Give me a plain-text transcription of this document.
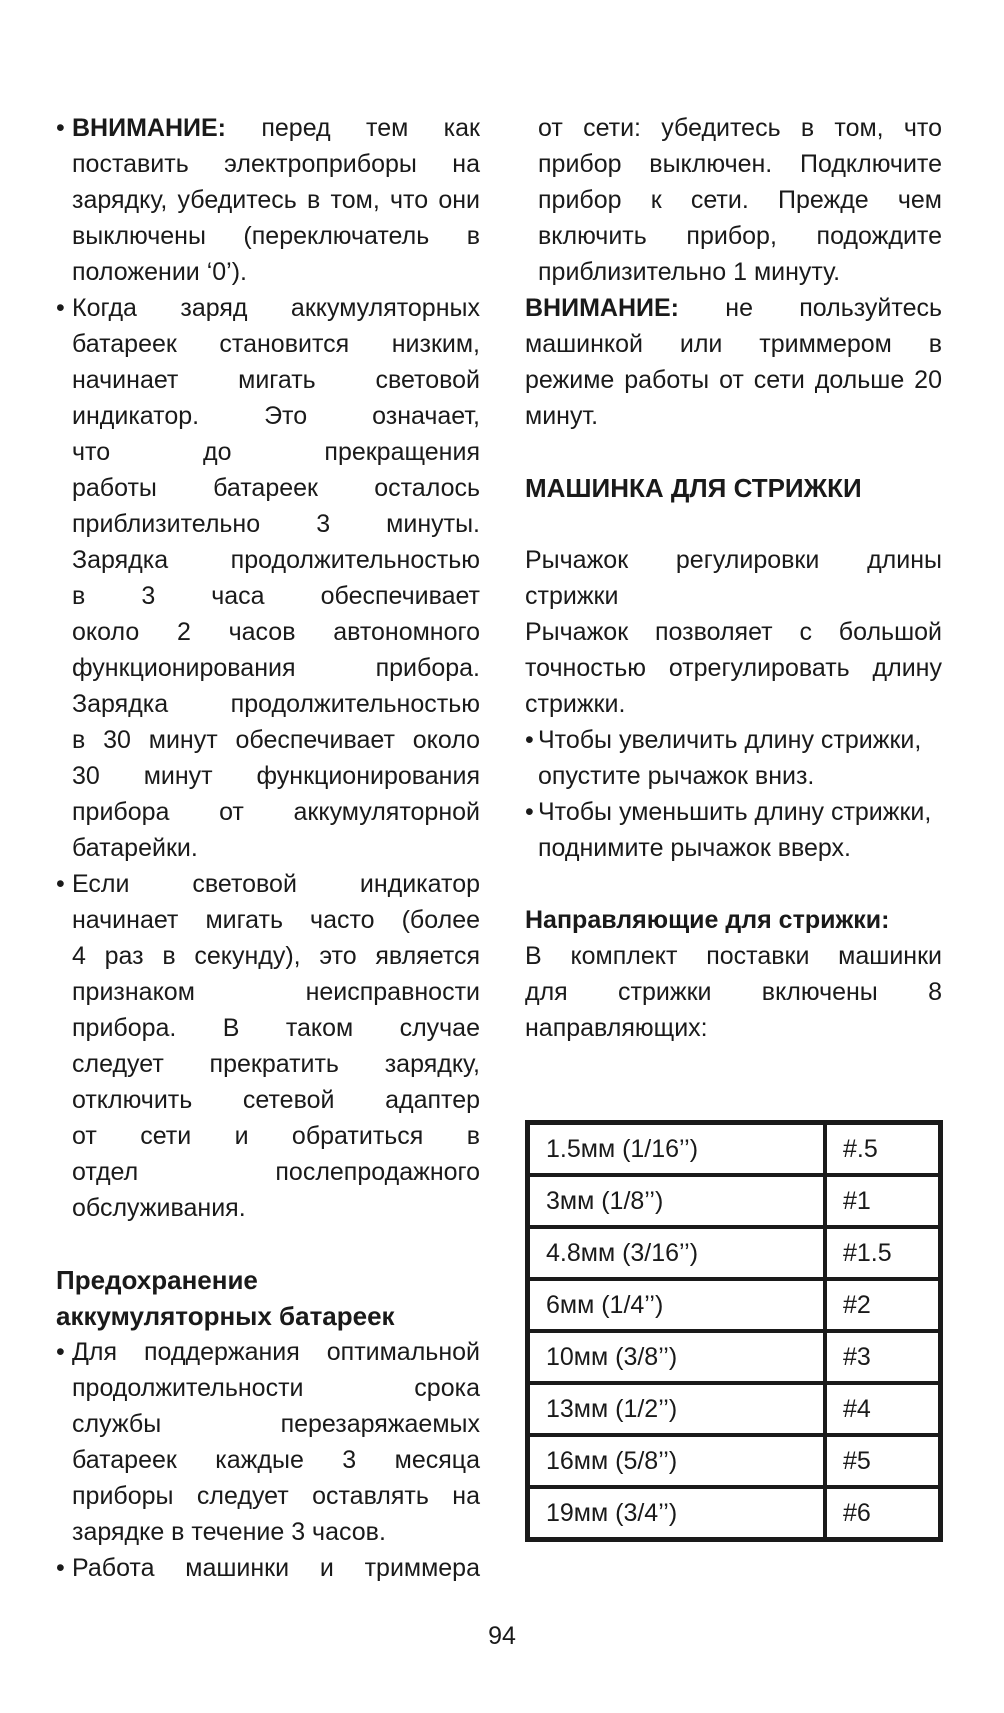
• ВНИМАНИЕ: перед тем как
поставить электроприборы на
зарядку, убедитесь в том, что они
выключены (переключатель в
положении ‘0’).
• Когда заряд аккумуляторных
батареек становится низким,
начинает мигать световой
индикатор. Это означает,
что до прекращения
работы батареек осталось
приблизительно 3 минуты.
Зарядка продолжительностью
в 3 часа обеспечивает
около 2 часов автономного
функционирования прибора.
Зарядка продолжительностью
в 30 минут обеспечивает около
30 минут функционирования
прибора от аккумуляторной
батарейки.
• Если световой индикатор
начинает мигать часто (более
4 раз в секунду), это является
признаком неисправности
прибора. В таком случае
следует прекратить зарядку,
отключить сетевой адаптер
от сети и обратиться в
отдел послепродажного
обслуживания.
Предохранение
аккумуляторных батареек
• Для поддержания оптимальной
продолжительности срока
службы перезаряжаемых
батареек каждые 3 месяца
приборы следует оставлять на
зарядке в течение 3 часов.
• Работа машинки и триммера
от сети: убедитесь в том, что
прибор выключен. Подключите
прибор к сети. Прежде чем
включить прибор, подождите
приблизительно 1 минуту.
ВНИМАНИЕ: не пользуйтесь
машинкой или триммером в
режиме работы от сети дольше 20
минут.
МАШИНКА ДЛЯ СТРИЖКИ
Рычажок регулировки длины
стрижки
Рычажок позволяет с большой
точностью отрегулировать длину
стрижки.
• Чтобы увеличить длину стрижки,
опустите рычажок вниз.
• Чтобы уменьшить длину стрижки,
поднимите рычажок вверх.
Направляющие для стрижки:
В комплект поставки машинки
для стрижки включены 8
направляющих:
1.5мм (1/16’’)	#.5
3мм (1/8’’)	#1
4.8мм (3/16’’)	#1.5
6мм (1/4’’)	#2
10мм (3/8’’)	#3
13мм (1/2’’)	#4
16мм (5/8’’)	#5
19мм (3/4’’)	#6
94
